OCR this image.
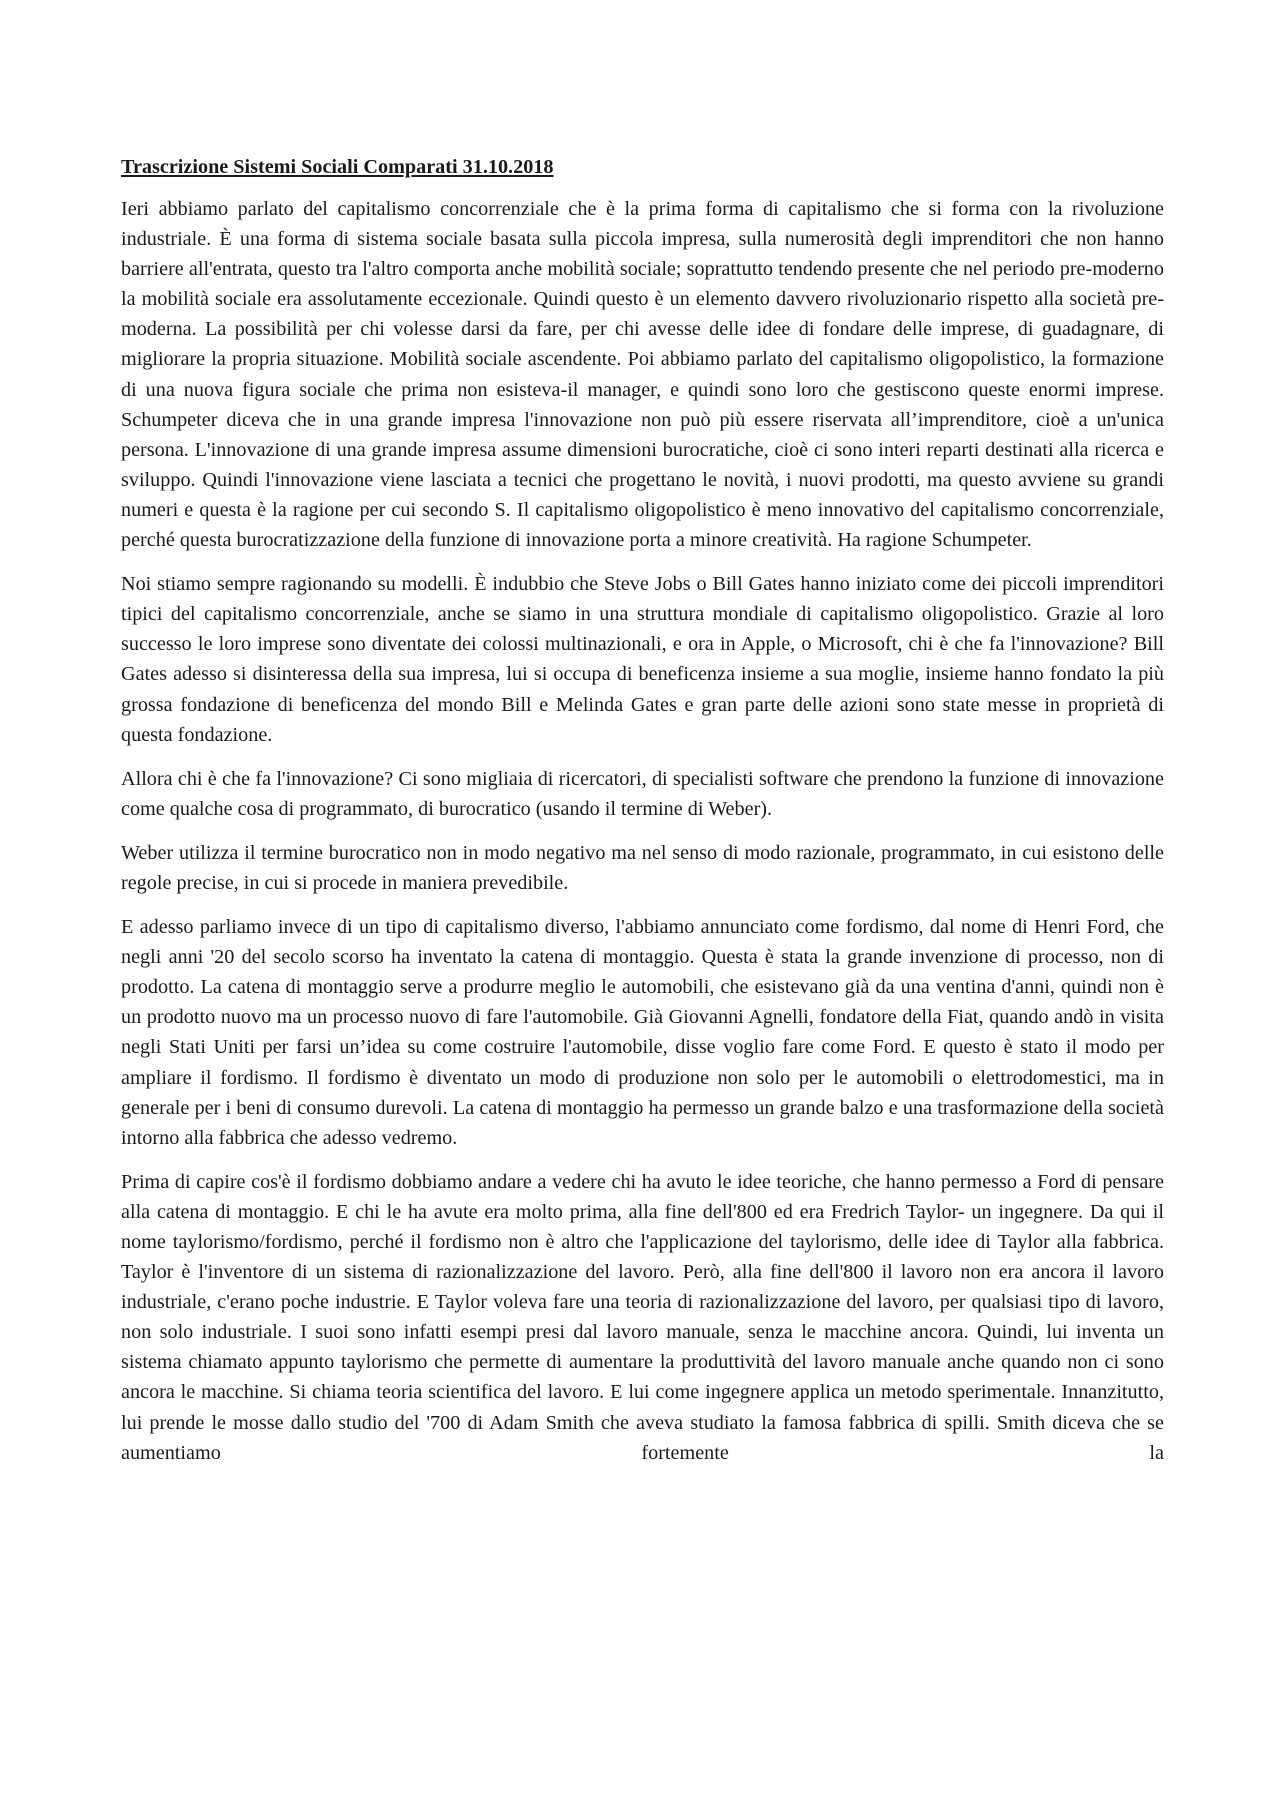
Trascrizione Sistemi Sociali Comparati 31.10.2018

Ieri abbiamo parlato del capitalismo concorrenziale che è la prima forma di capitalismo che si forma con la rivoluzione industriale. È una forma di sistema sociale basata sulla piccola impresa, sulla numerosità degli imprenditori che non hanno barriere all'entrata, questo tra l'altro comporta anche mobilità sociale; soprattutto tendendo presente che nel periodo pre-moderno la mobilità sociale era assolutamente eccezionale. Quindi questo è un elemento davvero rivoluzionario rispetto alla società pre-moderna. La possibilità per chi volesse darsi da fare, per chi avesse delle idee di fondare delle imprese, di guadagnare, di migliorare la propria situazione. Mobilità sociale ascendente. Poi abbiamo parlato del capitalismo oligopolistico, la formazione di una nuova figura sociale che prima non esisteva-il manager, e quindi sono loro che gestiscono queste enormi imprese. Schumpeter diceva che in una grande impresa l'innovazione non può più essere riservata all’imprenditore, cioè a un'unica persona. L'innovazione di una grande impresa assume dimensioni burocratiche, cioè ci sono interi reparti destinati alla ricerca e sviluppo. Quindi l'innovazione viene lasciata a tecnici che progettano le novità, i nuovi prodotti, ma questo avviene su grandi numeri e questa è la ragione per cui secondo S. Il capitalismo oligopolistico è meno innovativo del capitalismo concorrenziale, perché questa burocratizzazione della funzione di innovazione porta a minore creatività. Ha ragione Schumpeter.

Noi stiamo sempre ragionando su modelli. È indubbio che Steve Jobs o Bill Gates hanno iniziato come dei piccoli imprenditori tipici del capitalismo concorrenziale, anche se siamo in una struttura mondiale di capitalismo oligopolistico. Grazie al loro successo le loro imprese sono diventate dei colossi multinazionali, e ora in Apple, o Microsoft, chi è che fa l'innovazione? Bill Gates adesso si disinteressa della sua impresa, lui si occupa di beneficenza insieme a sua moglie, insieme hanno fondato la più grossa fondazione di beneficenza del mondo Bill e Melinda Gates e gran parte delle azioni sono state messe in proprietà di questa fondazione.

Allora chi è che fa l'innovazione? Ci sono migliaia di ricercatori, di specialisti software che prendono la funzione di innovazione come qualche cosa di programmato, di burocratico (usando il termine di Weber).

Weber utilizza il termine burocratico non in modo negativo ma nel senso di modo razionale, programmato, in cui esistono delle regole precise, in cui si procede in maniera prevedibile.

E adesso parliamo invece di un tipo di capitalismo diverso, l'abbiamo annunciato come fordismo, dal nome di Henri Ford, che negli anni '20 del secolo scorso ha inventato la catena di montaggio. Questa è stata la grande invenzione di processo, non di prodotto. La catena di montaggio serve a produrre meglio le automobili, che esistevano già da una ventina d'anni, quindi non è un prodotto nuovo ma un processo nuovo di fare l'automobile. Già Giovanni Agnelli, fondatore della Fiat, quando andò in visita negli Stati Uniti per farsi un’idea su come costruire l'automobile, disse voglio fare come Ford. E questo è stato il modo per ampliare il fordismo. Il fordismo è diventato un modo di produzione non solo per le automobili o elettrodomestici, ma in generale per i beni di consumo durevoli. La catena di montaggio ha permesso un grande balzo e una trasformazione della società intorno alla fabbrica che adesso vedremo.

Prima di capire cos'è il fordismo dobbiamo andare a vedere chi ha avuto le idee teoriche, che hanno permesso a Ford di pensare alla catena di montaggio. E chi le ha avute era molto prima, alla fine dell'800 ed era Fredrich Taylor- un ingegnere. Da qui il nome taylorismo/fordismo, perché il fordismo non è altro che l'applicazione del taylorismo, delle idee di Taylor alla fabbrica. Taylor è l'inventore di un sistema di razionalizzazione del lavoro. Però, alla fine dell'800 il lavoro non era ancora il lavoro industriale, c'erano poche industrie. E Taylor voleva fare una teoria di razionalizzazione del lavoro, per qualsiasi tipo di lavoro, non solo industriale. I suoi sono infatti esempi presi dal lavoro manuale, senza le macchine ancora. Quindi, lui inventa un sistema chiamato appunto taylorismo che permette di aumentare la produttività del lavoro manuale anche quando non ci sono ancora le macchine. Si chiama teoria scientifica del lavoro. E lui come ingegnere applica un metodo sperimentale. Innanzitutto, lui prende le mosse dallo studio del '700 di Adam Smith che aveva studiato la famosa fabbrica di spilli. Smith diceva che se aumentiamo fortemente la
